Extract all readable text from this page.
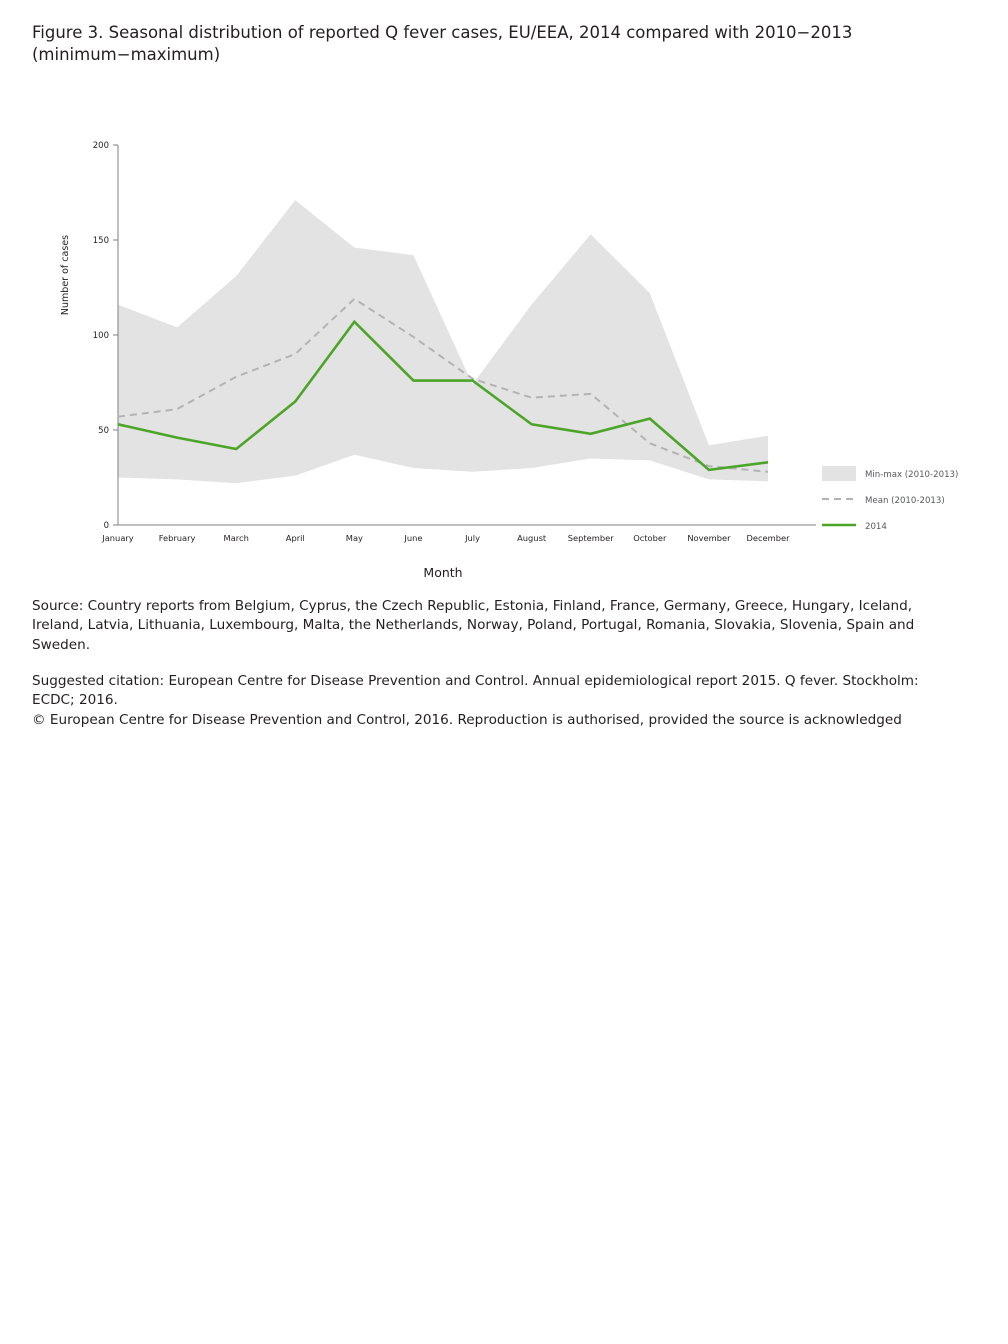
Figure 3. Seasonal distribution of reported Q fever cases, EU/EEA, 2014 compared with 2010−2013 (minimum−maximum)
0
50
100
150
200
January	February	March	April	May	June	July	August	September October	November December
Month
Number of cases
Min-max (2010-2013)
Mean (2010-2013)
2014

Source: Country reports from Belgium, Cyprus, the Czech Republic, Estonia, Finland, France, Germany, Greece, Hungary, Iceland, Ireland, Latvia, Lithuania, Luxembourg, Malta, the Netherlands, Norway, Poland, Portugal, Romania, Slovakia, Slovenia, Spain and Sweden.

Suggested citation: European Centre for Disease Prevention and Control. Annual epidemiological report 2015. Q fever. Stockholm: ECDC; 2016.

© European Centre for Disease Prevention and Control, 2016. Reproduction is authorised, provided the source is acknowledged
